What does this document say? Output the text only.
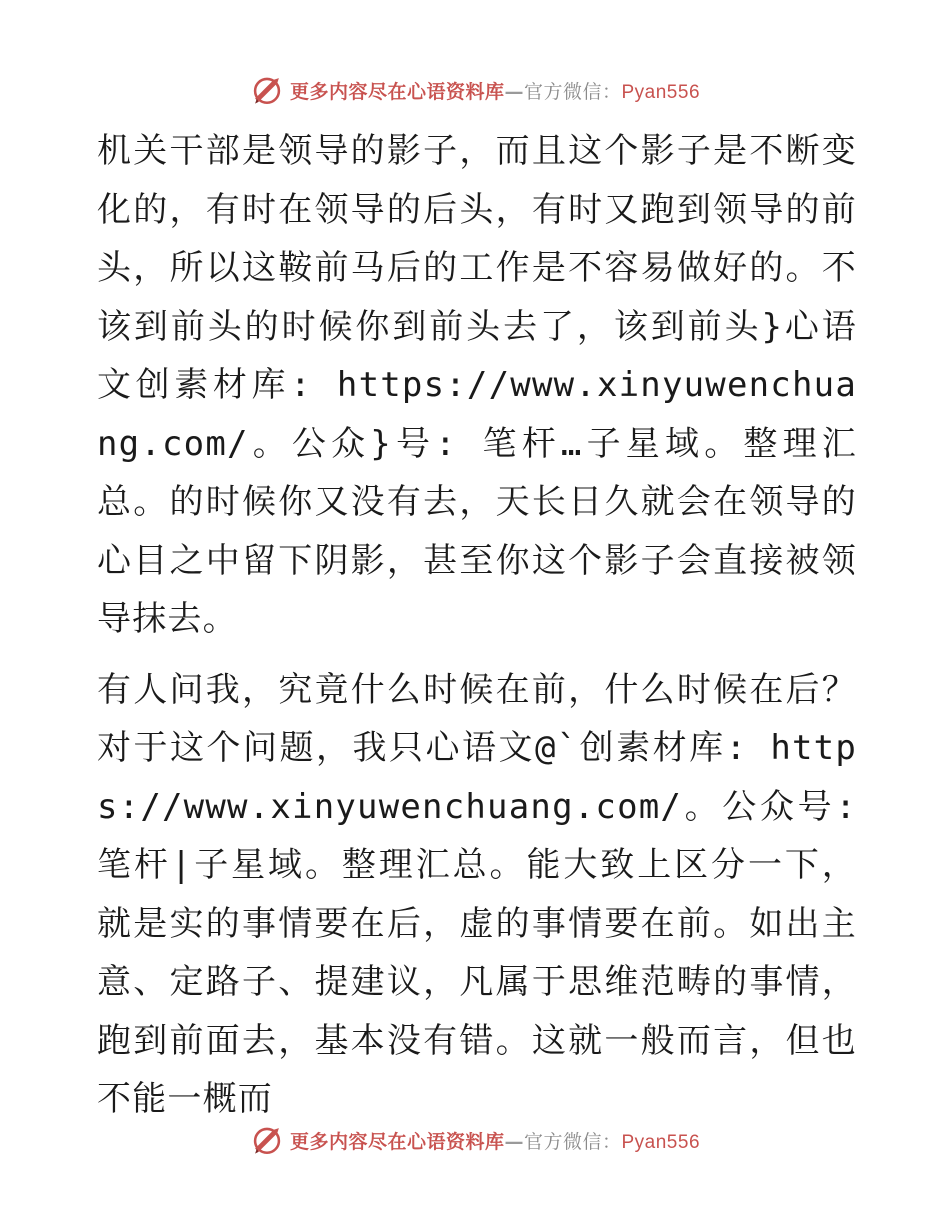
更多内容尽在心语资料库—官方微信：Pyan556

机关干部是领导的影子，而且这个影子是不断变化的，有时在领导的后头，有时又跑到领导的前头，所以这鞍前马后的工作是不容易做好的。不该到前头的时候你到前头去了，该到前头}心语文创素材库: https://www.xinyuwenchuang.com/。公众}号: 笔杆…子星域。整理汇总。的时候你又没有去，天长日久就会在领导的心目之中留下阴影，甚至你这个影子会直接被领导抹去。

有人问我，究竟什么时候在前，什么时候在后？对于这个问题，我只心语文@`创素材库: https://www.xinyuwenchuang.com/。公众号: 笔杆|子星域。整理汇总。能大致上区分一下，就是实的事情要在后，虚的事情要在前。如出主意、定路子、提建议，凡属于思维范畴的事情，跑到前面去，基本没有错。这就一般而言，但也不能一概而

更多内容尽在心语资料库—官方微信：Pyan556
